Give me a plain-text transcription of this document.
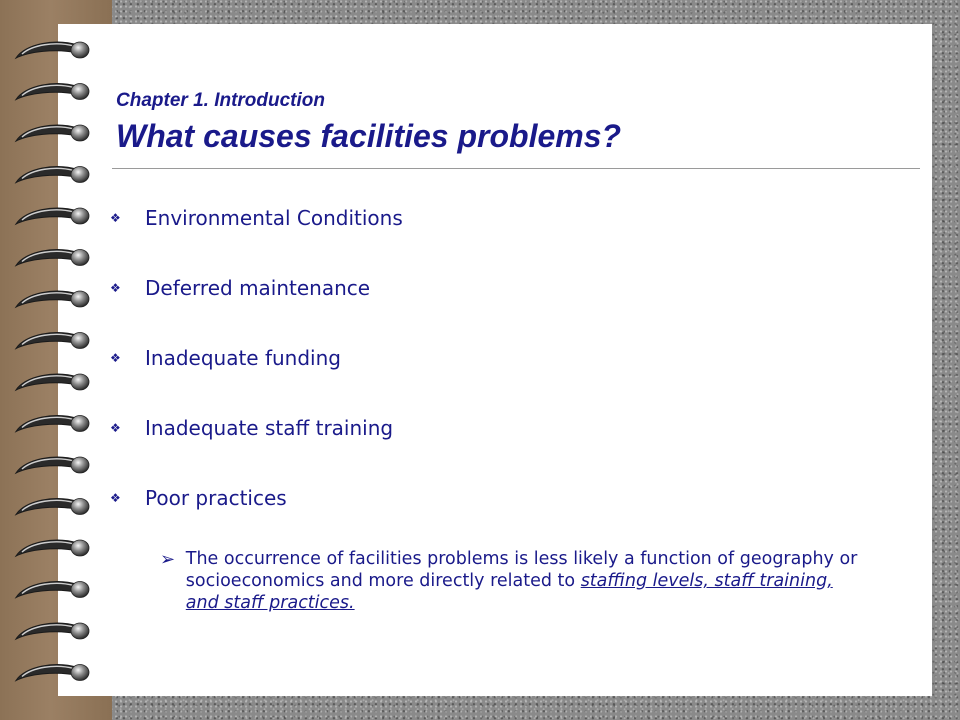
Chapter 1. Introduction
What causes facilities problems?
❖	Environmental Conditions
❖	Deferred maintenance
❖	Inadequate funding
❖	Inadequate staff training
❖	Poor practices
➢ The occurrence of facilities problems is less likely a function of geography or socioeconomics and more directly related to staffing levels, staff training, and staff practices.
